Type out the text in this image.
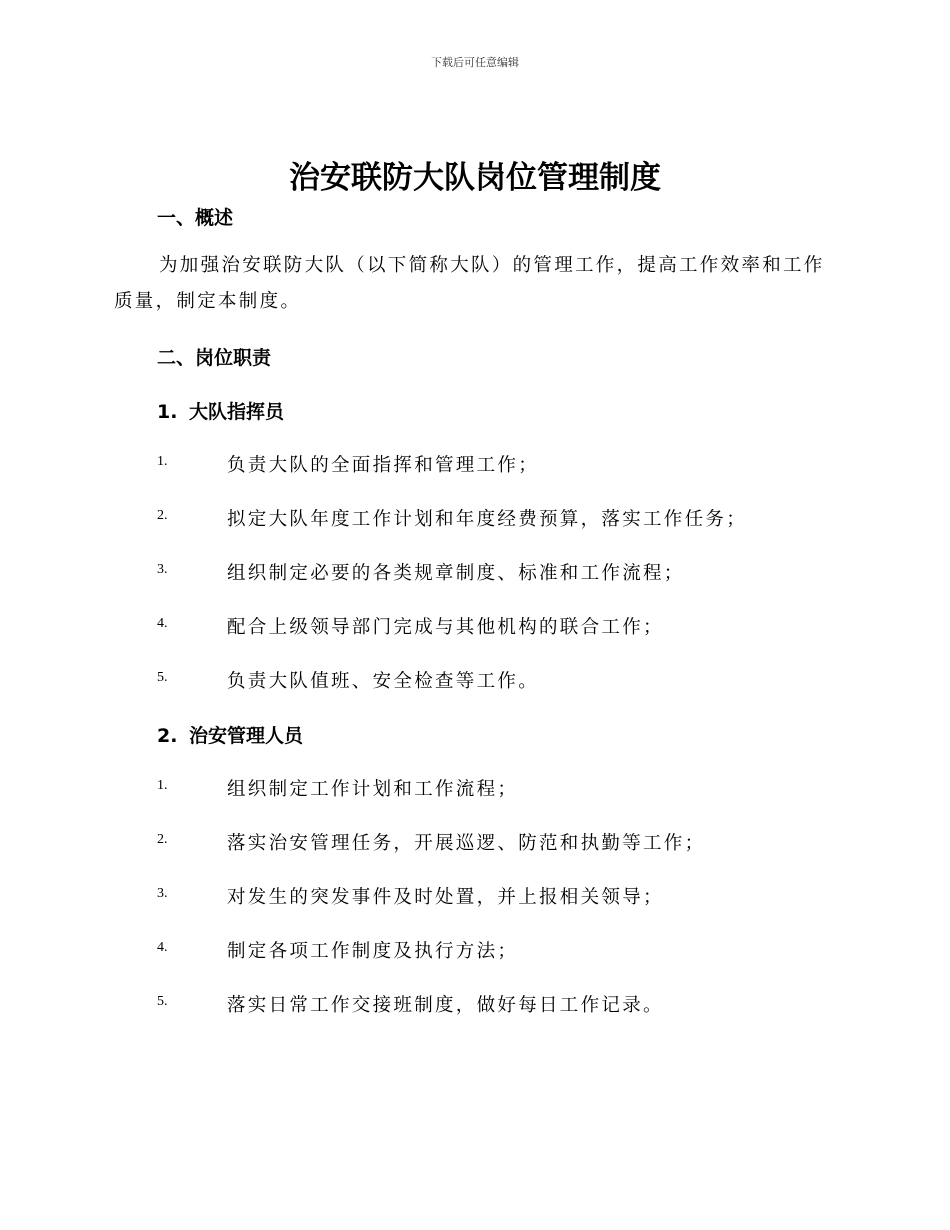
下载后可任意编辑
治安联防大队岗位管理制度
一、概述
为加强治安联防大队（以下简称大队）的管理工作，提高工作效率和工作质量，制定本制度。
二、岗位职责
1. 大队指挥员
1.	负责大队的全面指挥和管理工作；
2.	拟定大队年度工作计划和年度经费预算，落实工作任务；
3.	组织制定必要的各类规章制度、标准和工作流程；
4.	配合上级领导部门完成与其他机构的联合工作；
5.	负责大队值班、安全检查等工作。
2. 治安管理人员
1.	组织制定工作计划和工作流程；
2.	落实治安管理任务，开展巡逻、防范和执勤等工作；
3.	对发生的突发事件及时处置，并上报相关领导；
4.	制定各项工作制度及执行方法；
5.	落实日常工作交接班制度，做好每日工作记录。
